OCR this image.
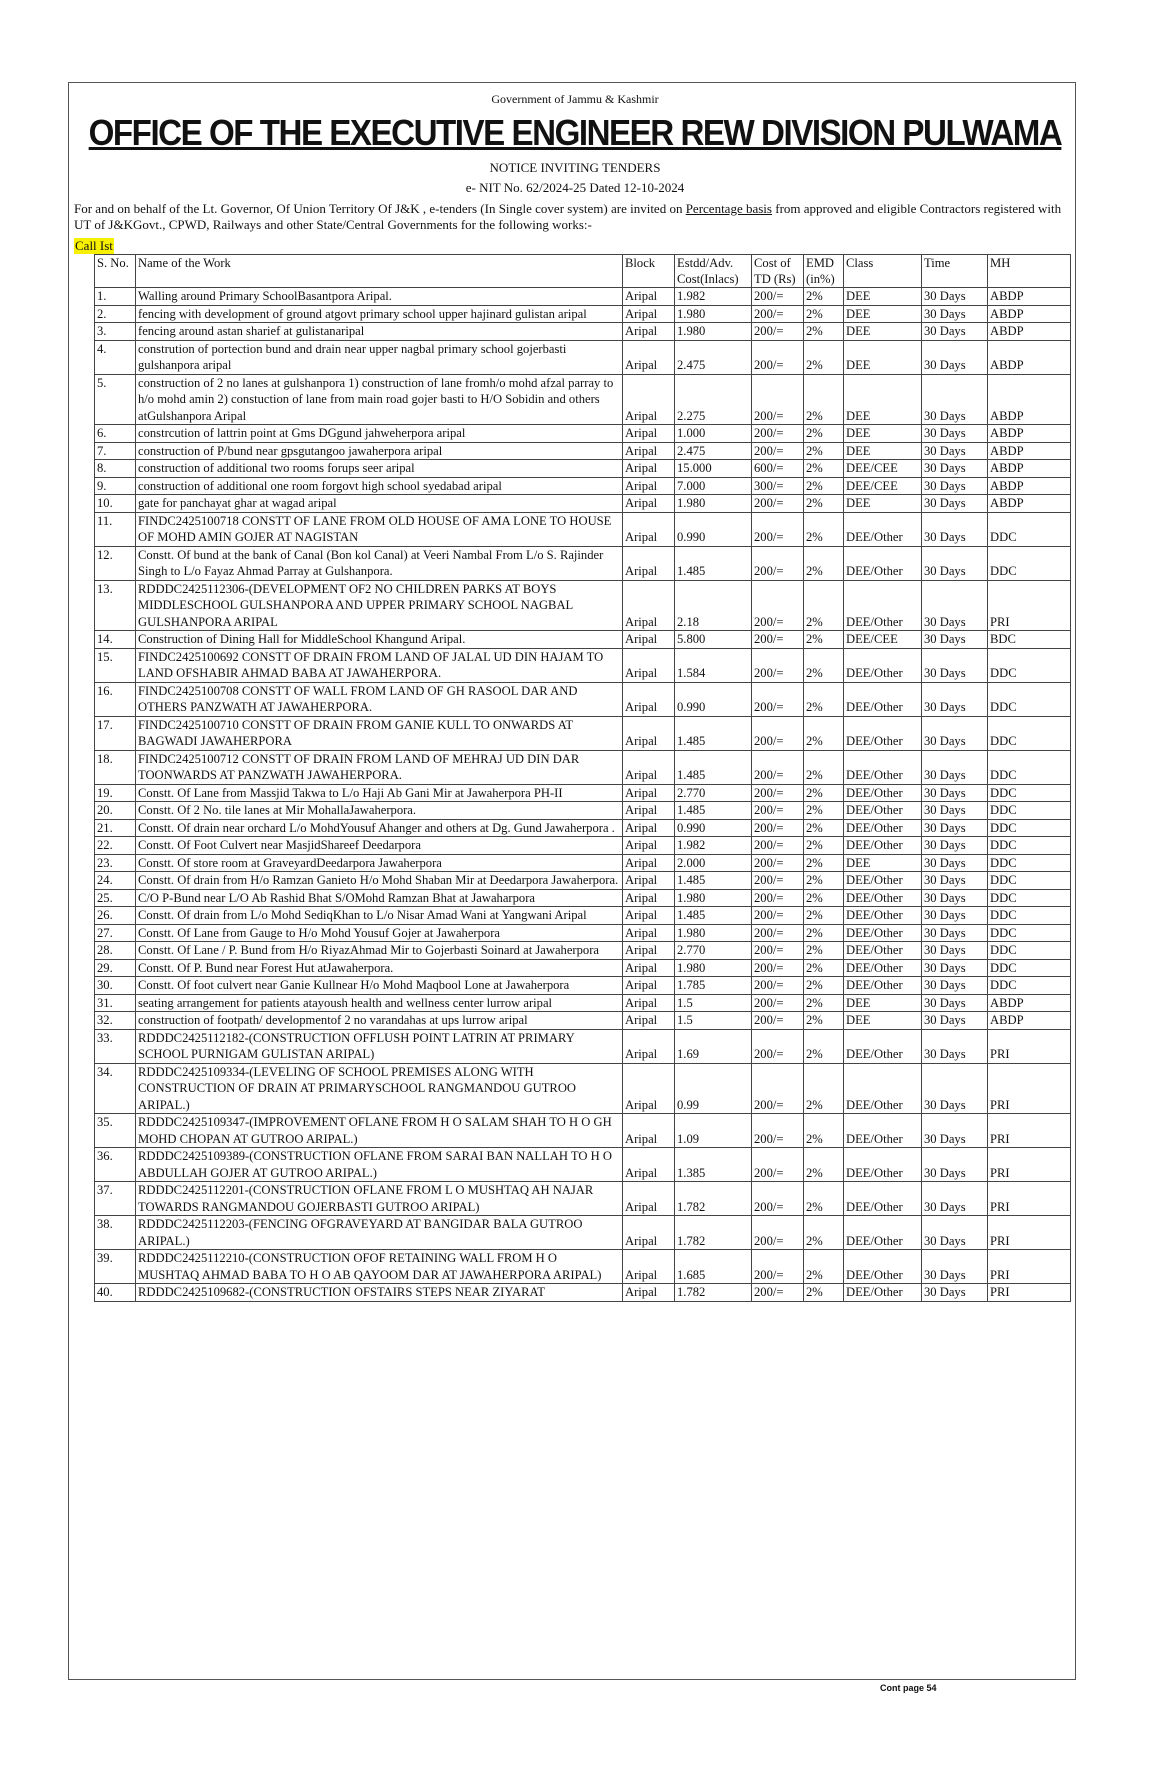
Government of Jammu & Kashmir
OFFICE OF THE EXECUTIVE ENGINEER REW DIVISION PULWAMA
NOTICE INVITING TENDERS
e- NIT No. 62/2024-25 Dated 12-10-2024
For and on behalf of the Lt. Governor, Of Union Territory Of J&K , e-tenders (In Single cover system) are invited on Percentage basis from approved and eligible Contractors registered with UT of J&KGovt., CPWD, Railways and other State/Central Governments for the following works:-
Call Ist
S. No.	Name of the Work	Block	Estdd/Adv. Cost(Inlacs)	Cost of TD (Rs)	EMD (in%)	Class	Time	MH
1.	Walling around Primary SchoolBasantpora Aripal.	Aripal	1.982	200/=	2%	DEE	30 Days	ABDP
2.	fencing with development of ground atgovt primary school upper hajinard gulistan aripal	Aripal	1.980	200/=	2%	DEE	30 Days	ABDP
3.	fencing around astan sharief at gulistanaripal	Aripal	1.980	200/=	2%	DEE	30 Days	ABDP
4.	constrution of portection bund and drain near upper nagbal primary school gojerbasti gulshanpora aripal	Aripal	2.475	200/=	2%	DEE	30 Days	ABDP
5.	construction of 2 no lanes at gulshanpora 1) construction of lane fromh/o mohd afzal parray to h/o mohd amin 2) constuction of lane from main road gojer basti to H/O Sobidin and others atGulshanpora Aripal	Aripal	2.275	200/=	2%	DEE	30 Days	ABDP
6.	constrcution of lattrin point at Gms DGgund jahweherpora aripal	Aripal	1.000	200/=	2%	DEE	30 Days	ABDP
7.	construction of P/bund near gpsgutangoo jawaherpora aripal	Aripal	2.475	200/=	2%	DEE	30 Days	ABDP
8.	construction of additional two rooms forups seer aripal	Aripal	15.000	600/=	2%	DEE/CEE	30 Days	ABDP
9.	construction of additional one room forgovt high school syedabad aripal	Aripal	7.000	300/=	2%	DEE/CEE	30 Days	ABDP
10.	gate for panchayat ghar at wagad aripal	Aripal	1.980	200/=	2%	DEE	30 Days	ABDP
11.	FINDC2425100718 CONSTT OF LANE FROM OLD HOUSE OF AMA LONE TO HOUSE OF MOHD AMIN GOJER AT NAGISTAN	Aripal	0.990	200/=	2%	DEE/Other	30 Days	DDC
12.	Constt. Of bund at the bank of Canal (Bon kol Canal) at Veeri Nambal From L/o S. Rajinder Singh to L/o Fayaz Ahmad Parray at Gulshanpora.	Aripal	1.485	200/=	2%	DEE/Other	30 Days	DDC
13.	RDDDC2425112306-(DEVELOPMENT OF2 NO CHILDREN PARKS AT BOYS MIDDLESCHOOL GULSHANPORA AND UPPER PRIMARY SCHOOL NAGBAL GULSHANPORA ARIPAL	Aripal	2.18	200/=	2%	DEE/Other	30 Days	PRI
14.	Construction of Dining Hall for MiddleSchool Khangund Aripal.	Aripal	5.800	200/=	2%	DEE/CEE	30 Days	BDC
15.	FINDC2425100692 CONSTT OF DRAIN FROM LAND OF JALAL UD DIN HAJAM TO LAND OFSHABIR AHMAD BABA AT JAWAHERPORA.	Aripal	1.584	200/=	2%	DEE/Other	30 Days	DDC
16.	FINDC2425100708 CONSTT OF WALL FROM LAND OF GH RASOOL DAR AND OTHERS PANZWATH AT JAWAHERPORA.	Aripal	0.990	200/=	2%	DEE/Other	30 Days	DDC
17.	FINDC2425100710 CONSTT OF DRAIN FROM GANIE KULL TO ONWARDS AT BAGWADI JAWAHERPORA	Aripal	1.485	200/=	2%	DEE/Other	30 Days	DDC
18.	FINDC2425100712 CONSTT OF DRAIN FROM LAND OF MEHRAJ UD DIN DAR TOONWARDS AT PANZWATH JAWAHERPORA.	Aripal	1.485	200/=	2%	DEE/Other	30 Days	DDC
19.	Constt. Of Lane from Massjid Takwa to L/o Haji Ab Gani Mir at Jawaherpora PH-II	Aripal	2.770	200/=	2%	DEE/Other	30 Days	DDC
20.	Constt. Of 2 No. tile lanes at Mir MohallaJawaherpora.	Aripal	1.485	200/=	2%	DEE/Other	30 Days	DDC
21.	Constt. Of drain near orchard L/o MohdYousuf Ahanger and others at Dg. Gund Jawaherpora .	Aripal	0.990	200/=	2%	DEE/Other	30 Days	DDC
22.	Constt. Of Foot Culvert near MasjidShareef Deedarpora	Aripal	1.982	200/=	2%	DEE/Other	30 Days	DDC
23.	Constt. Of store room at GraveyardDeedarpora Jawaherpora	Aripal	2.000	200/=	2%	DEE	30 Days	DDC
24.	Constt. Of drain from H/o Ramzan Ganieto H/o Mohd Shaban Mir at Deedarpora Jawaherpora.	Aripal	1.485	200/=	2%	DEE/Other	30 Days	DDC
25.	C/O P-Bund near L/O Ab Rashid Bhat S/OMohd Ramzan Bhat at Jawaharpora	Aripal	1.980	200/=	2%	DEE/Other	30 Days	DDC
26.	Constt. Of drain from L/o Mohd SediqKhan to L/o Nisar Amad Wani at Yangwani Aripal	Aripal	1.485	200/=	2%	DEE/Other	30 Days	DDC
27.	Constt. Of Lane from Gauge to H/o Mohd Yousuf Gojer at Jawaherpora	Aripal	1.980	200/=	2%	DEE/Other	30 Days	DDC
28.	Constt. Of Lane / P. Bund from H/o RiyazAhmad Mir to Gojerbasti Soinard at Jawaherpora	Aripal	2.770	200/=	2%	DEE/Other	30 Days	DDC
29.	Constt. Of P. Bund near Forest Hut atJawaherpora.	Aripal	1.980	200/=	2%	DEE/Other	30 Days	DDC
30.	Constt. Of foot culvert near Ganie Kullnear H/o Mohd Maqbool Lone at Jawaherpora	Aripal	1.785	200/=	2%	DEE/Other	30 Days	DDC
31.	seating arrangement for patients atayoush health and wellness center lurrow aripal	Aripal	1.5	200/=	2%	DEE	30 Days	ABDP
32.	construction of footpath/ developmentof 2 no varandahas at ups lurrow aripal	Aripal	1.5	200/=	2%	DEE	30 Days	ABDP
33.	RDDDC2425112182-(CONSTRUCTION OFFLUSH POINT LATRIN AT PRIMARY SCHOOL PURNIGAM GULISTAN ARIPAL)	Aripal	1.69	200/=	2%	DEE/Other	30 Days	PRI
34.	RDDDC2425109334-(LEVELING OF SCHOOL PREMISES ALONG WITH CONSTRUCTION OF DRAIN AT PRIMARYSCHOOL RANGMANDOU GUTROO ARIPAL.)	Aripal	0.99	200/=	2%	DEE/Other	30 Days	PRI
35.	RDDDC2425109347-(IMPROVEMENT OFLANE FROM H O SALAM SHAH TO H O GH MOHD CHOPAN AT GUTROO ARIPAL.)	Aripal	1.09	200/=	2%	DEE/Other	30 Days	PRI
36.	RDDDC2425109389-(CONSTRUCTION OFLANE FROM SARAI BAN NALLAH TO H O ABDULLAH GOJER AT GUTROO ARIPAL.)	Aripal	1.385	200/=	2%	DEE/Other	30 Days	PRI
37.	RDDDC2425112201-(CONSTRUCTION OFLANE FROM L O MUSHTAQ AH NAJAR TOWARDS RANGMANDOU GOJERBASTI GUTROO ARIPAL)	Aripal	1.782	200/=	2%	DEE/Other	30 Days	PRI
38.	RDDDC2425112203-(FENCING OFGRAVEYARD AT BANGIDAR BALA GUTROO ARIPAL.)	Aripal	1.782	200/=	2%	DEE/Other	30 Days	PRI
39.	RDDDC2425112210-(CONSTRUCTION OFOF RETAINING WALL FROM H O MUSHTAQ AHMAD BABA TO H O AB QAYOOM DAR AT JAWAHERPORA ARIPAL)	Aripal	1.685	200/=	2%	DEE/Other	30 Days	PRI
40.	RDDDC2425109682-(CONSTRUCTION OFSTAIRS STEPS NEAR ZIYARAT	Aripal	1.782	200/=	2%	DEE/Other	30 Days	PRI
Cont page 54
